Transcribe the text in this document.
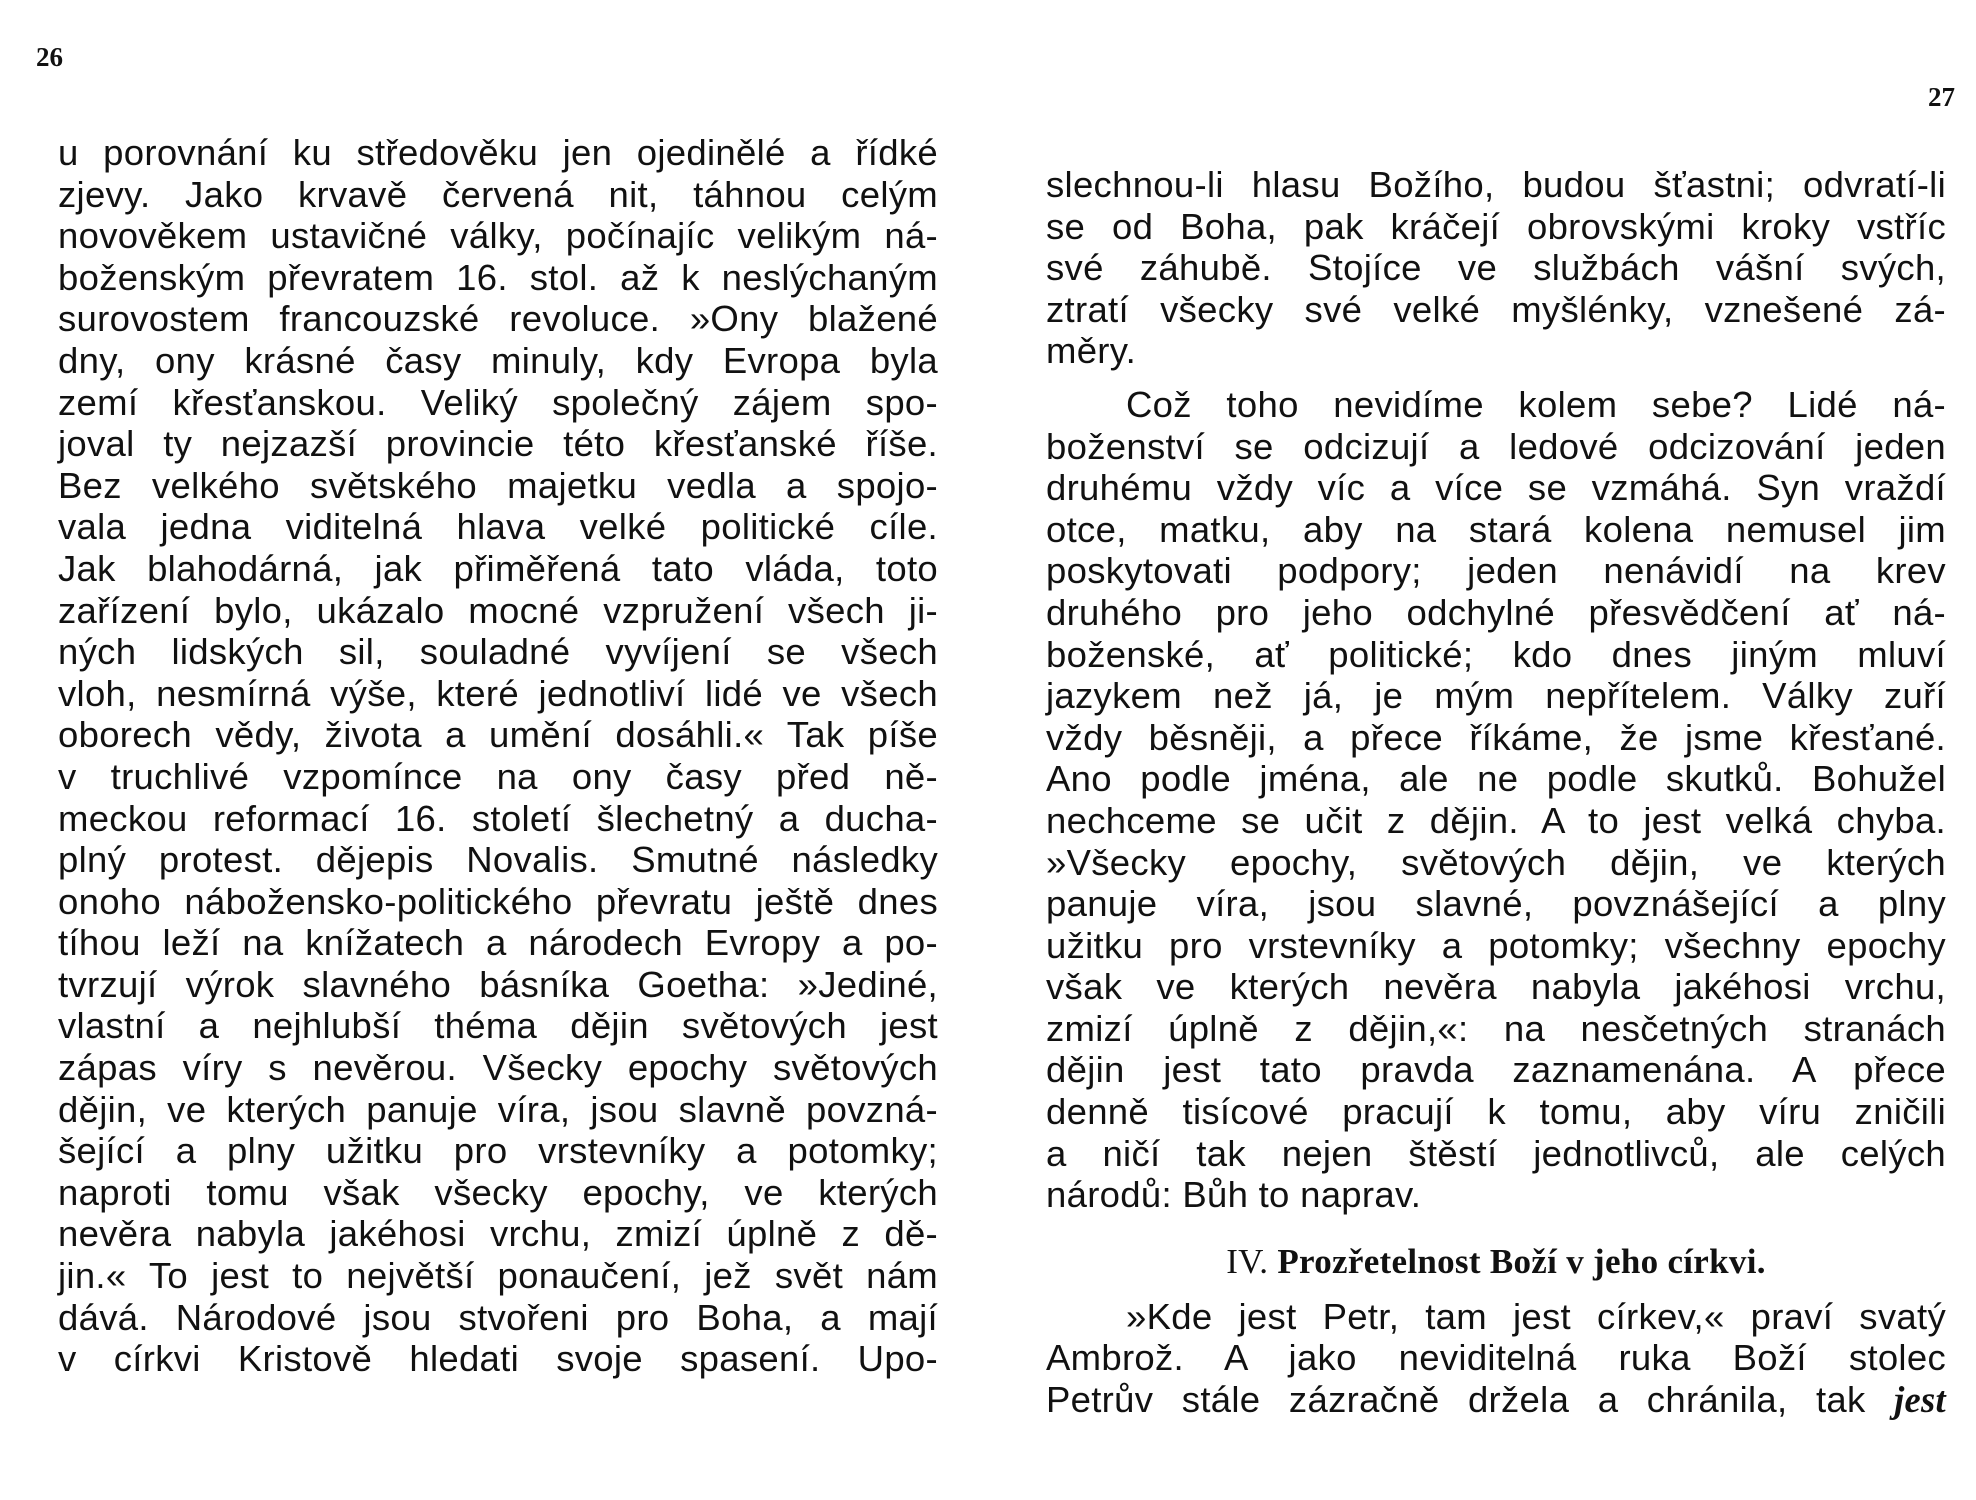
26
27
u porovnání ku středověku jen ojedinělé a řídké
zjevy. Jako krvavě červená nit, táhnou celým
novověkem ustavičné války, počínajíc velikým ná-
boženským převratem 16. stol. až k neslýchaným
surovostem francouzské revoluce. »Ony blažené
dny, ony krásné časy minuly, kdy Evropa byla
zemí křesťanskou. Veliký společný zájem spo-
joval ty nejzazší provincie této křesťanské říše.
Bez velkého světského majetku vedla a spojo-
vala jedna viditelná hlava velké politické cíle.
Jak blahodárná, jak přiměřená tato vláda, toto
zařízení bylo, ukázalo mocné vzpružení všech ji-
ných lidských sil, souladné vyvíjení se všech
vloh, nesmírná výše, které jednotliví lidé ve všech
oborech vědy, života a umění dosáhli.« Tak píše
v truchlivé vzpomínce na ony časy před ně-
meckou reformací 16. století šlechetný a ducha-
plný protest. dějepis Novalis. Smutné následky
onoho nábožensko-politického převratu ještě dnes
tíhou leží na knížatech a národech Evropy a po-
tvrzují výrok slavného básníka Goetha: »Jediné,
vlastní a nejhlubší théma dějin světových jest
zápas víry s nevěrou. Všecky epochy světových
dějin, ve kterých panuje víra, jsou slavně povzná-
šející a plny užitku pro vrstevníky a potomky;
naproti tomu však všecky epochy, ve kterých
nevěra nabyla jakéhosi vrchu, zmizí úplně z dě-
jin.« To jest to největší ponaučení, jež svět nám
dává. Národové jsou stvořeni pro Boha, a mají
v církvi Kristově hledati svoje spasení. Upo-
slechnou-li hlasu Božího, budou šťastni; odvratí-li
se od Boha, pak kráčejí obrovskými kroky vstříc
své záhubě. Stojíce ve službách vášní svých,
ztratí všecky své velké myšlénky, vznešené zá-
měry.
Což toho nevidíme kolem sebe? Lidé ná-
boženství se odcizují a ledové odcizování jeden
druhému vždy víc a více se vzmáhá. Syn vraždí
otce, matku, aby na stará kolena nemusel jim
poskytovati podpory; jeden nenávidí na krev
druhého pro jeho odchylné přesvědčení ať ná-
boženské, ať politické; kdo dnes jiným mluví
jazykem než já, je mým nepřítelem. Války zuří
vždy běsněji, a přece říkáme, že jsme křesťané.
Ano podle jména, ale ne podle skutků. Bohužel
nechceme se učit z dějin. A to jest velká chyba.
»Všecky epochy, světových dějin, ve kterých
panuje víra, jsou slavné, povznášející a plny
užitku pro vrstevníky a potomky; všechny epochy
však ve kterých nevěra nabyla jakéhosi vrchu,
zmizí úplně z dějin,«: na nesčetných stranách
dějin jest tato pravda zaznamenána. A přece
denně tisícové pracují k tomu, aby víru zničili
a ničí tak nejen štěstí jednotlivců, ale celých
národů: Bůh to naprav.
IV. Prozřetelnost Boží v jeho církvi.
»Kde jest Petr, tam jest církev,« praví svatý
Ambrož. A jako neviditelná ruka Boží stolec
Petrův stále zázračně držela a chránila, tak jest
